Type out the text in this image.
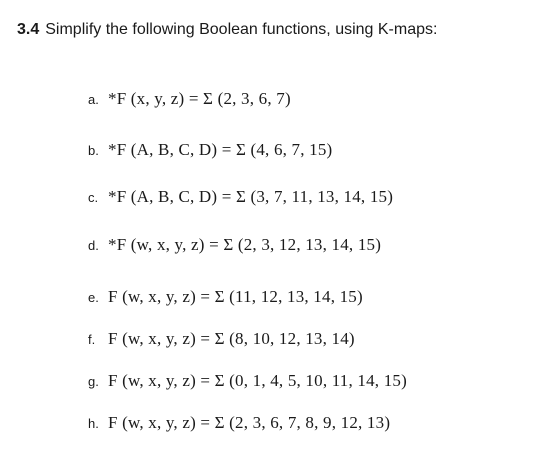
3.4 Simplify the following Boolean functions, using K-maps:
a. *F (x, y, z) = Σ (2, 3, 6, 7)
b. *F (A, B, C, D) = Σ (4, 6, 7, 15)
c. *F (A, B, C, D) = Σ (3, 7, 11, 13, 14, 15)
d. *F (w, x, y, z) = Σ (2, 3, 12, 13, 14, 15)
e. F (w, x, y, z) = Σ (11, 12, 13, 14, 15)
f. F (w, x, y, z) = Σ (8, 10, 12, 13, 14)
g. F (w, x, y, z) = Σ (0, 1, 4, 5, 10, 11, 14, 15)
h. F (w, x, y, z) = Σ (2, 3, 6, 7, 8, 9, 12, 13)
